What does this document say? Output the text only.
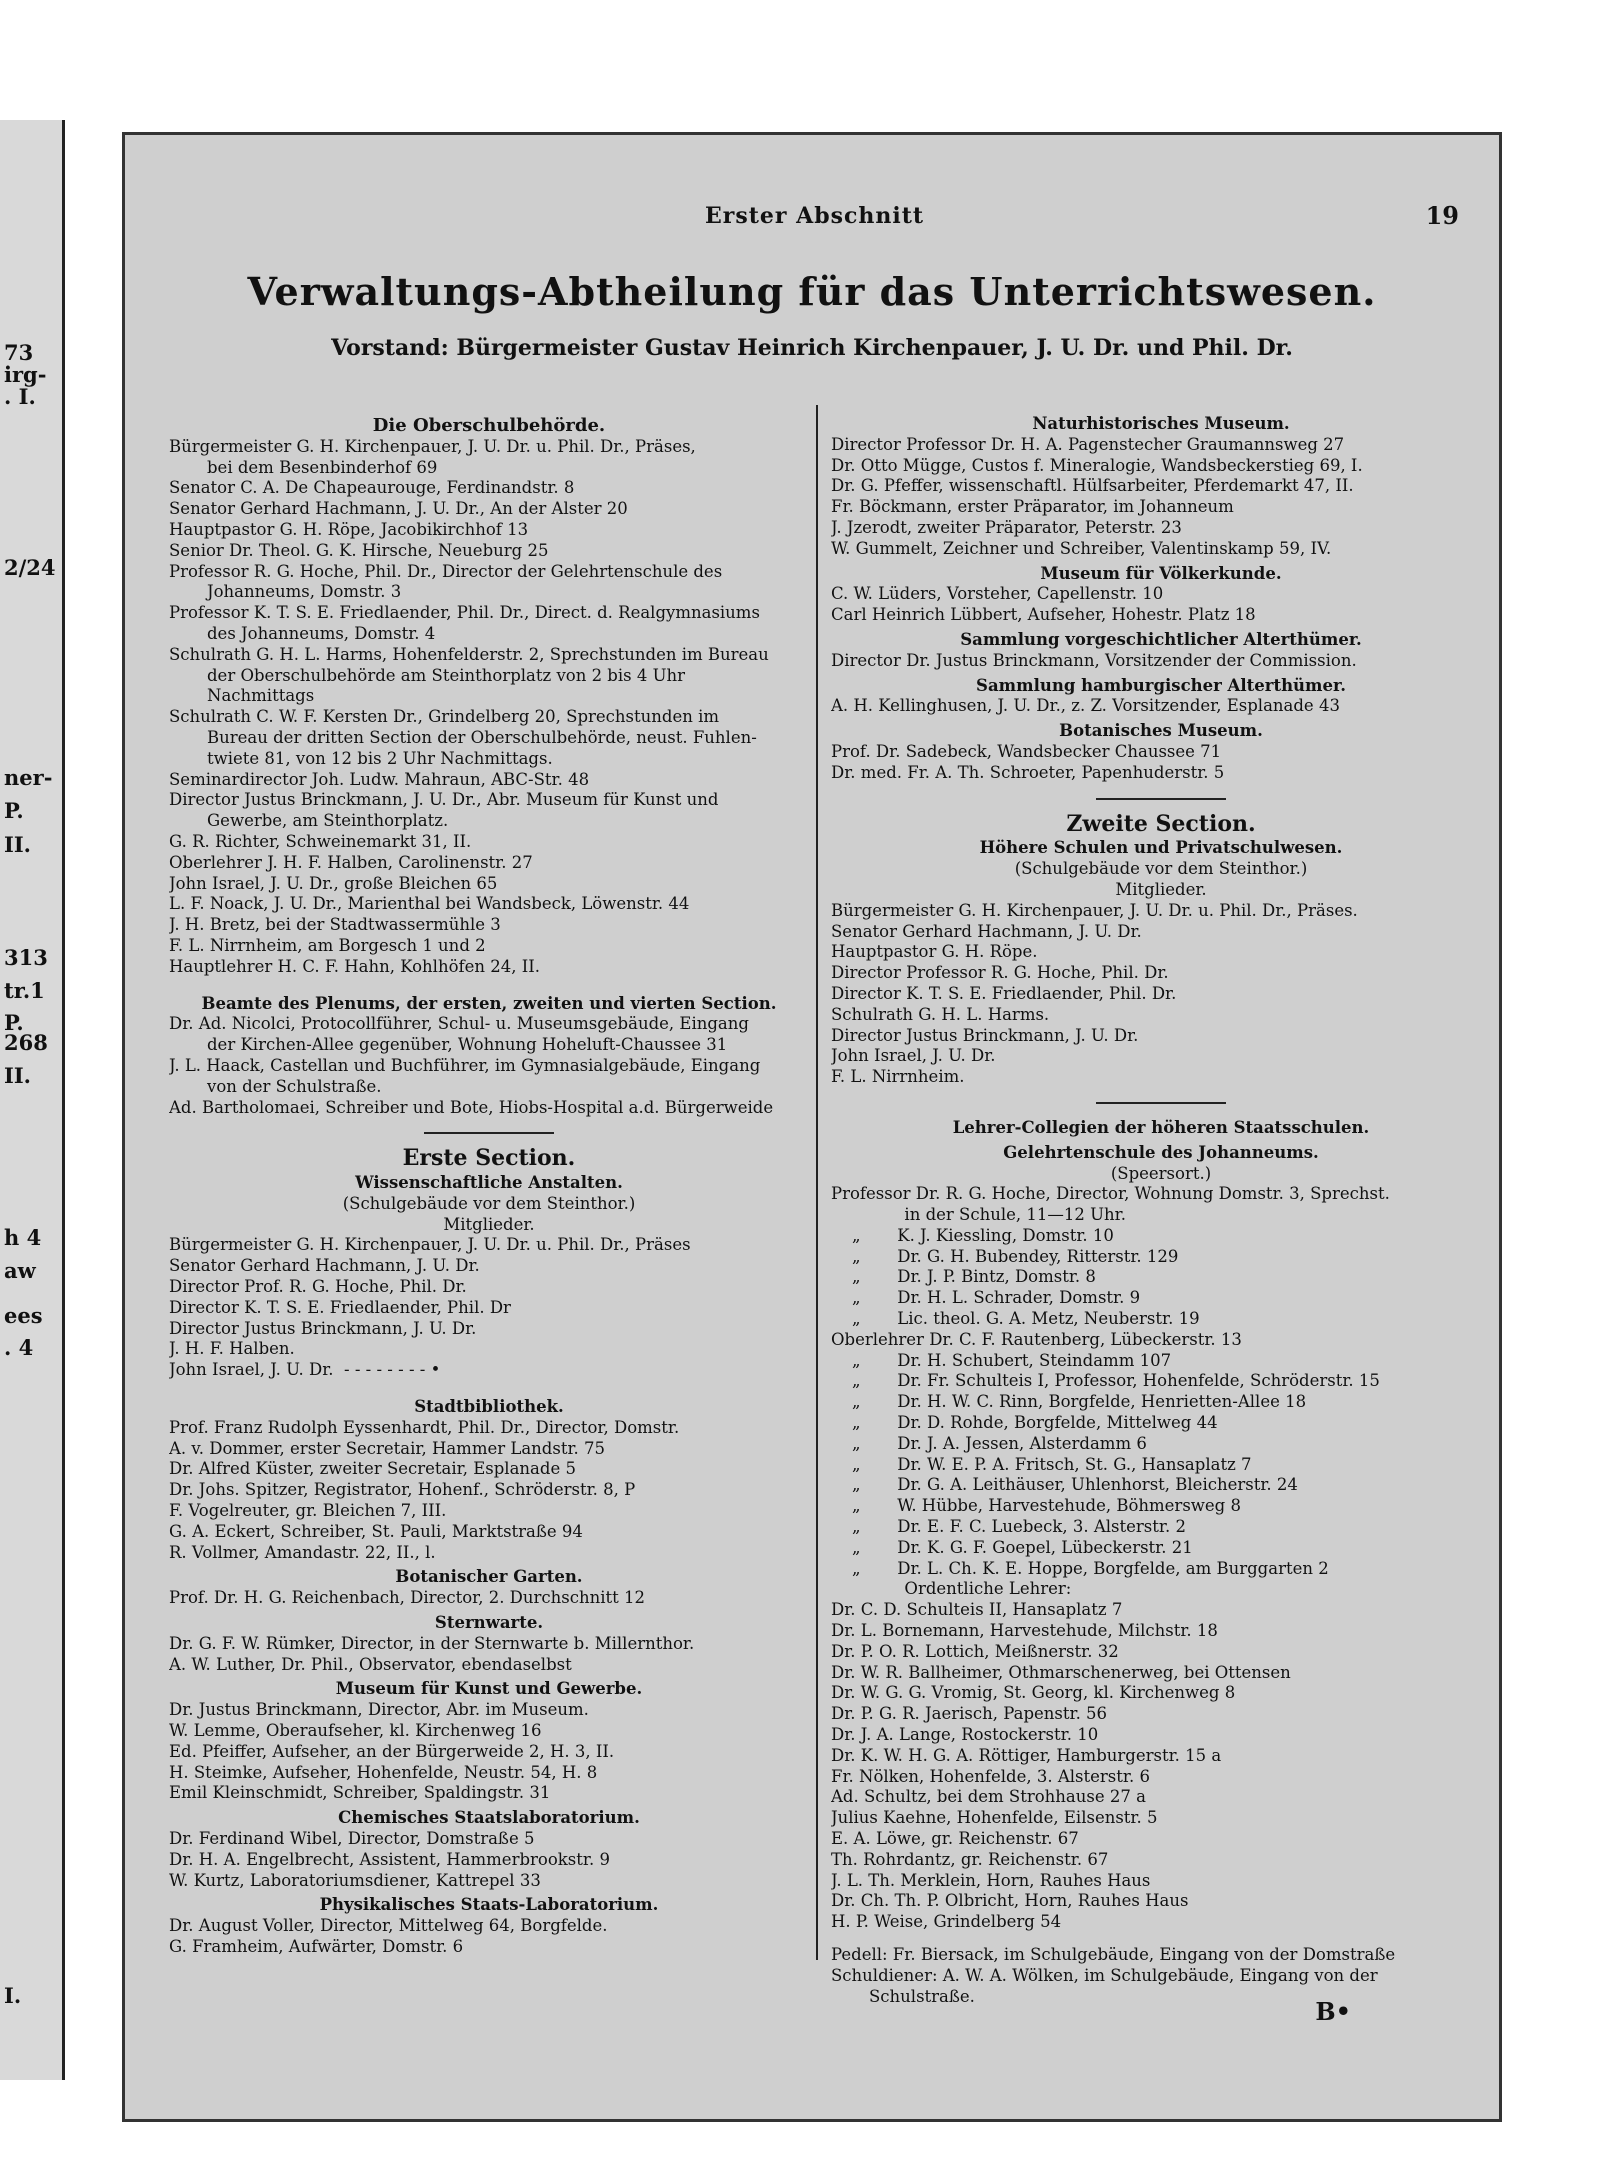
73
irg-
. I.
2/24
ner-
P.
II.
313
tr.1
P.
268
II.
h 4
aw
ees
. 4
I.
Erster Abschnitt	19
Verwaltungs-Abtheilung für das Unterrichtswesen.
Vorstand: Bürgermeister Gustav Heinrich Kirchenpauer, J. U. Dr. und Phil. Dr.
Die Oberschulbehörde.
Bürgermeister G. H. Kirchenpauer, J. U. Dr. u. Phil. Dr., Präses,
bei dem Besenbinderhof 69
Senator C. A. De Chapeaurouge, Ferdinandstr. 8
Senator Gerhard Hachmann, J. U. Dr., An der Alster 20
Hauptpastor G. H. Röpe, Jacobikirchhof 13
Senior Dr. Theol. G. K. Hirsche, Neueburg 25
Professor R. G. Hoche, Phil. Dr., Director der Gelehrtenschule des
Johanneums, Domstr. 3
Professor K. T. S. E. Friedlaender, Phil. Dr., Direct. d. Realgymnasiums
des Johanneums, Domstr. 4
Schulrath G. H. L. Harms, Hohenfelderstr. 2, Sprechstunden im Bureau
der Oberschulbehörde am Steinthorplatz von 2 bis 4 Uhr
Nachmittags
Schulrath C. W. F. Kersten Dr., Grindelberg 20, Sprechstunden im
Bureau der dritten Section der Oberschulbehörde, neust. Fuhlen-
twiete 81, von 12 bis 2 Uhr Nachmittags.
Seminardirector Joh. Ludw. Mahraun, ABC-Str. 48
Director Justus Brinckmann, J. U. Dr., Abr. Museum für Kunst und
Gewerbe, am Steinthorplatz.
G. R. Richter, Schweinemarkt 31, II.
Oberlehrer J. H. F. Halben, Carolinenstr. 27
John Israel, J. U. Dr., große Bleichen 65
L. F. Noack, J. U. Dr., Marienthal bei Wandsbeck, Löwenstr. 44
J. H. Bretz, bei der Stadtwassermühle 3
F. L. Nirrnheim, am Borgesch 1 und 2
Hauptlehrer H. C. F. Hahn, Kohlhöfen 24, II.
Beamte des Plenums, der ersten, zweiten und vierten Section.
Dr. Ad. Nicolci, Protocollführer, Schul- u. Museumsgebäude, Eingang
der Kirchen-Allee gegenüber, Wohnung Hoheluft-Chaussee 31
J. L. Haack, Castellan und Buchführer, im Gymnasialgebäude, Eingang
von der Schulstraße.
Ad. Bartholomaei, Schreiber und Bote, Hiobs-Hospital a.d. Bürgerweide
Erste Section.
Wissenschaftliche Anstalten.
(Schulgebäude vor dem Steinthor.)
Mitglieder.
Bürgermeister G. H. Kirchenpauer, J. U. Dr. u. Phil. Dr., Präses
Senator Gerhard Hachmann, J. U. Dr.
Director Prof. R. G. Hoche, Phil. Dr.
Director K. T. S. E. Friedlaender, Phil. Dr
Director Justus Brinckmann, J. U. Dr.
J. H. F. Halben.
John Israel, J. U. Dr.  - - - - - - - - •
Stadtbibliothek.
Prof. Franz Rudolph Eyssenhardt, Phil. Dr., Director, Domstr.
A. v. Dommer, erster Secretair, Hammer Landstr. 75
Dr. Alfred Küster, zweiter Secretair, Esplanade 5
Dr. Johs. Spitzer, Registrator, Hohenf., Schröderstr. 8, P
F. Vogelreuter, gr. Bleichen 7, III.
G. A. Eckert, Schreiber, St. Pauli, Marktstraße 94
R. Vollmer, Amandastr. 22, II., l.
Botanischer Garten.
Prof. Dr. H. G. Reichenbach, Director, 2. Durchschnitt 12
Sternwarte.
Dr. G. F. W. Rümker, Director, in der Sternwarte b. Millernthor.
A. W. Luther, Dr. Phil., Observator, ebendaselbst
Museum für Kunst und Gewerbe.
Dr. Justus Brinckmann, Director, Abr. im Museum.
W. Lemme, Oberaufseher, kl. Kirchenweg 16
Ed. Pfeiffer, Aufseher, an der Bürgerweide 2, H. 3, II.
H. Steimke, Aufseher, Hohenfelde, Neustr. 54, H. 8
Emil Kleinschmidt, Schreiber, Spaldingstr. 31
Chemisches Staatslaboratorium.
Dr. Ferdinand Wibel, Director, Domstraße 5
Dr. H. A. Engelbrecht, Assistent, Hammerbrookstr. 9
W. Kurtz, Laboratoriumsdiener, Kattrepel 33
Physikalisches Staats-Laboratorium.
Dr. August Voller, Director, Mittelweg 64, Borgfelde.
G. Framheim, Aufwärter, Domstr. 6
Naturhistorisches Museum.
Director Professor Dr. H. A. Pagenstecher Graumannsweg 27
Dr. Otto Mügge, Custos f. Mineralogie, Wandsbeckerstieg 69, I.
Dr. G. Pfeffer, wissenschaftl. Hülfsarbeiter, Pferdemarkt 47, II.
Fr. Böckmann, erster Präparator, im Johanneum
J. Jzerodt, zweiter Präparator, Peterstr. 23
W. Gummelt, Zeichner und Schreiber, Valentinskamp 59, IV.
Museum für Völkerkunde.
C. W. Lüders, Vorsteher, Capellenstr. 10
Carl Heinrich Lübbert, Aufseher, Hohestr. Platz 18
Sammlung vorgeschichtlicher Alterthümer.
Director Dr. Justus Brinckmann, Vorsitzender der Commission.
Sammlung hamburgischer Alterthümer.
A. H. Kellinghusen, J. U. Dr., z. Z. Vorsitzender, Esplanade 43
Botanisches Museum.
Prof. Dr. Sadebeck, Wandsbecker Chaussee 71
Dr. med. Fr. A. Th. Schroeter, Papenhuderstr. 5
Zweite Section.
Höhere Schulen und Privatschulwesen.
(Schulgebäude vor dem Steinthor.)
Mitglieder.
Bürgermeister G. H. Kirchenpauer, J. U. Dr. u. Phil. Dr., Präses.
Senator Gerhard Hachmann, J. U. Dr.
Hauptpastor G. H. Röpe.
Director Professor R. G. Hoche, Phil. Dr.
Director K. T. S. E. Friedlaender, Phil. Dr.
Schulrath G. H. L. Harms.
Director Justus Brinckmann, J. U. Dr.
John Israel, J. U. Dr.
F. L. Nirrnheim.
Lehrer-Collegien der höheren Staatsschulen.
Gelehrtenschule des Johanneums.
(Speersort.)
Professor Dr. R. G. Hoche, Director, Wohnung Domstr. 3, Sprechst.
in der Schule, 11—12 Uhr.
„       K. J. Kiessling, Domstr. 10
„       Dr. G. H. Bubendey, Ritterstr. 129
„       Dr. J. P. Bintz, Domstr. 8
„       Dr. H. L. Schrader, Domstr. 9
„       Lic. theol. G. A. Metz, Neuberstr. 19
Oberlehrer Dr. C. F. Rautenberg, Lübeckerstr. 13
„       Dr. H. Schubert, Steindamm 107
„       Dr. Fr. Schulteis I, Professor, Hohenfelde, Schröderstr. 15
„       Dr. H. W. C. Rinn, Borgfelde, Henrietten-Allee 18
„       Dr. D. Rohde, Borgfelde, Mittelweg 44
„       Dr. J. A. Jessen, Alsterdamm 6
„       Dr. W. E. P. A. Fritsch, St. G., Hansaplatz 7
„       Dr. G. A. Leithäuser, Uhlenhorst, Bleicherstr. 24
„       W. Hübbe, Harvestehude, Böhmersweg 8
„       Dr. E. F. C. Luebeck, 3. Alsterstr. 2
„       Dr. K. G. F. Goepel, Lübeckerstr. 21
„       Dr. L. Ch. K. E. Hoppe, Borgfelde, am Burggarten 2
Ordentliche Lehrer:
Dr. C. D. Schulteis II, Hansaplatz 7
Dr. L. Bornemann, Harvestehude, Milchstr. 18
Dr. P. O. R. Lottich, Meißnerstr. 32
Dr. W. R. Ballheimer, Othmarschenerweg, bei Ottensen
Dr. W. G. G. Vromig, St. Georg, kl. Kirchenweg 8
Dr. P. G. R. Jaerisch, Papenstr. 56
Dr. J. A. Lange, Rostockerstr. 10
Dr. K. W. H. G. A. Röttiger, Hamburgerstr. 15 a
Fr. Nölken, Hohenfelde, 3. Alsterstr. 6
Ad. Schultz, bei dem Strohhause 27 a
Julius Kaehne, Hohenfelde, Eilsenstr. 5
E. A. Löwe, gr. Reichenstr. 67
Th. Rohrdantz, gr. Reichenstr. 67
J. L. Th. Merklein, Horn, Rauhes Haus
Dr. Ch. Th. P. Olbricht, Horn, Rauhes Haus
H. P. Weise, Grindelberg 54
Pedell: Fr. Biersack, im Schulgebäude, Eingang von der Domstraße
Schuldiener: A. W. A. Wölken, im Schulgebäude, Eingang von der
Schulstraße.
B•
